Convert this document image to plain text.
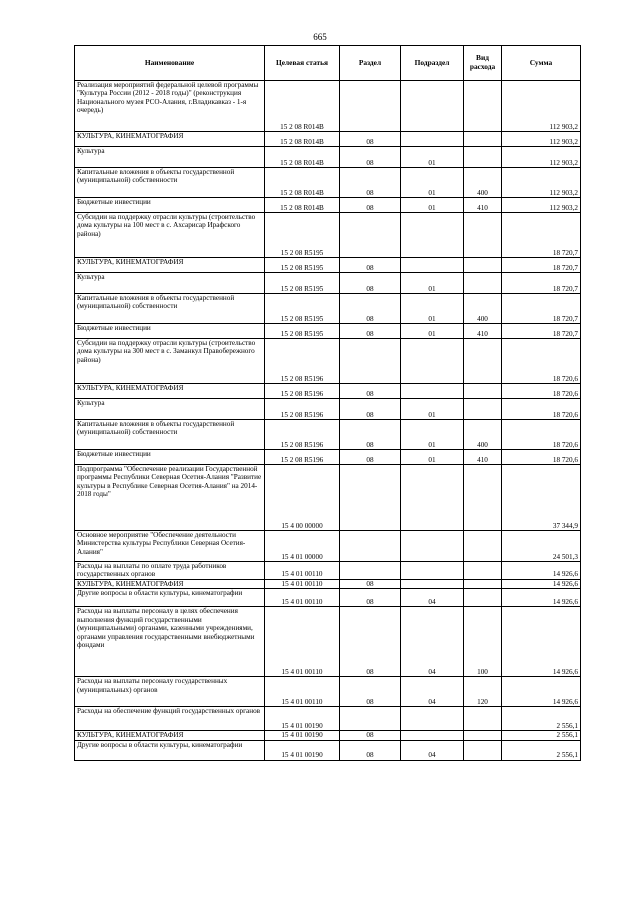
665
Наименование	Целевая статья	Раздел	Подраздел	Вид расхода	Сумма
Реализация мероприятий федеральной целевой программы "Культура России (2012 - 2018 годы)" (реконструкция Национального музея РСО-Алания, г.Владикавказ - 1-я очередь)	15 2 08 R014В				112 903,2
КУЛЬТУРА, КИНЕМАТОГРАФИЯ	15 2 08 R014В	08			112 903,2
Культура	15 2 08 R014В	08	01		112 903,2
Капитальные вложения в объекты государственной (муниципальной) собственности	15 2 08 R014В	08	01	400	112 903,2
Бюджетные инвестиции	15 2 08 R014В	08	01	410	112 903,2
Субсидии на поддержку отрасли культуры (строительство дома культуры на 100 мест в с. Ахсарисар Ирафского района)	15 2 08 R5195				18 720,7
КУЛЬТУРА, КИНЕМАТОГРАФИЯ	15 2 08 R5195	08			18 720,7
Культура	15 2 08 R5195	08	01		18 720,7
Капитальные вложения в объекты государственной (муниципальной) собственности	15 2 08 R5195	08	01	400	18 720,7
Бюджетные инвестиции	15 2 08 R5195	08	01	410	18 720,7
Субсидии на поддержку отрасли культуры (строительство дома культуры на 300 мест в с. Заманкул Правобережного района)	15 2 08 R5196				18 720,6
КУЛЬТУРА, КИНЕМАТОГРАФИЯ	15 2 08 R5196	08			18 720,6
Культура	15 2 08 R5196	08	01		18 720,6
Капитальные вложения в объекты государственной (муниципальной) собственности	15 2 08 R5196	08	01	400	18 720,6
Бюджетные инвестиции	15 2 08 R5196	08	01	410	18 720,6
Подпрограмма "Обеспечение реализации Государственной программы Республики Северная Осетия-Алания "Развитие культуры в Республике Северная Осетия-Алания" на 2014-2018 годы"	15 4 00 00000				37 344,9
Основное мероприятие "Обеспечение деятельности Министерства культуры Республики Северная Осетия-Алания"	15 4 01 00000				24 501,3
Расходы на выплаты по оплате труда работников государственных органов	15 4 01 00110				14 926,6
КУЛЬТУРА, КИНЕМАТОГРАФИЯ	15 4 01 00110	08			14 926,6
Другие вопросы в области культуры, кинематографии	15 4 01 00110	08	04		14 926,6
Расходы на выплаты персоналу в целях обеспечения выполнения функций государственными (муниципальными) органами, казенными учреждениями, органами управления государственными внебюджетными фондами	15 4 01 00110	08	04	100	14 926,6
Расходы на выплаты персоналу государственных (муниципальных) органов	15 4 01 00110	08	04	120	14 926,6
Расходы на обеспечение функций государственных органов	15 4 01 00190				2 556,1
КУЛЬТУРА, КИНЕМАТОГРАФИЯ	15 4 01 00190	08			2 556,1
Другие вопросы в области культуры, кинематографии	15 4 01 00190	08	04		2 556,1
